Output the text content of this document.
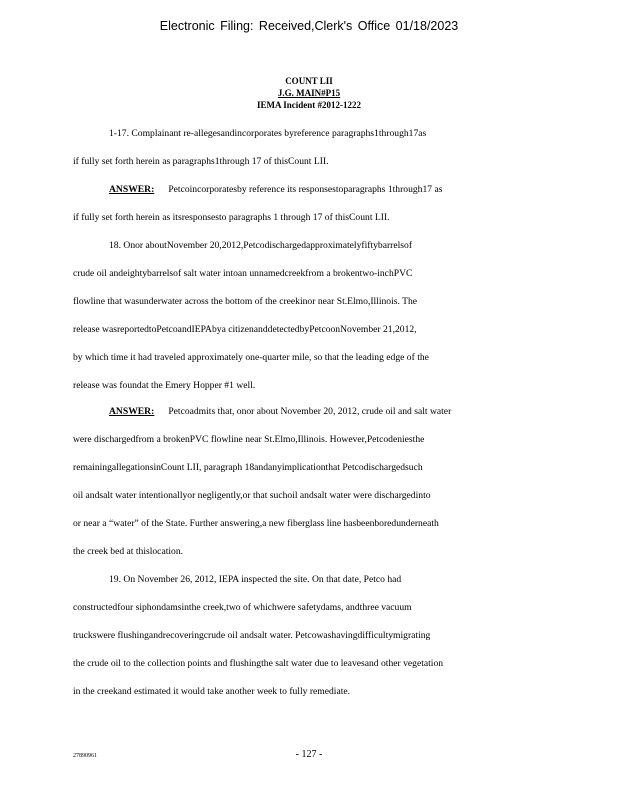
Electronic Filing: Received,Clerk's Office 01/18/2023
COUNT LII
J.G. MAIN#P15
IEMA Incident #2012-1222
1-17. Complainant re-allegesandincorporates byreference paragraphs1through17as
if fully set forth herein as paragraphs1through 17 of thisCount LII.
ANSWER: Petcoincorporatesby reference its responsestoparagraphs 1through17 as
if fully set forth herein as itsresponsesto paragraphs 1 through 17 of thisCount LII.
18. Onor aboutNovember 20,2012,Petcodischargedapproximatelyfiftybarrelsof
crude oil andeightybarrelsof salt water intoan unnamedcreekfrom a brokentwo-inchPVC
flowline that wasunderwater across the bottom of the creekinor near St.Elmo,Illinois. The
release wasreportedtoPetcoandIEPAbya citizenanddetectedbyPetcoonNovember 21,2012,
by which time it had traveled approximately one-quarter mile, so that the leading edge of the
release was foundat the Emery Hopper #1 well.
ANSWER: Petcoadmits that, onor about November 20, 2012, crude oil and salt water
were dischargedfrom a brokenPVC flowline near St.Elmo,Illinois. However,Petcodeniesthe
remainingallegationsinCount LII, paragraph 18andanyimplicationthat Petcodischargedsuch
oil andsalt water intentionallyor negligently,or that suchoil andsalt water were dischargedinto
or near a “water” of the State. Further answering,a new fiberglass line hasbeenboredunderneath
the creek bed at thislocation.
19. On November 26, 2012, IEPA inspected the site. On that date, Petco had
constructedfour siphondamsinthe creek,two of whichwere safetydams, andthree vacuum
truckswere flushingandrecoveringcrude oil andsalt water. Petcowashavingdifficultymigrating
the crude oil to the collection points and flushingthe salt water due to leavesand other vegetation
in the creekand estimated it would take another week to fully remediate.
27890961	- 127 -
